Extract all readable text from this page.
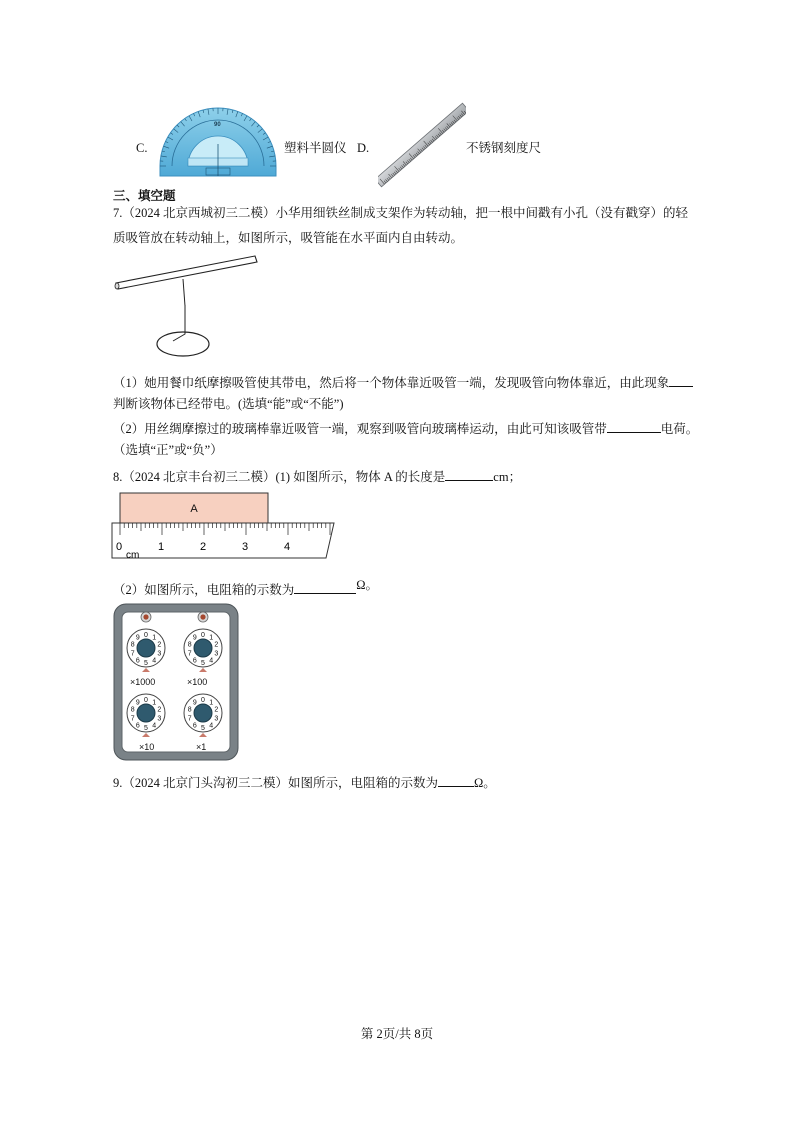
C.
90
塑料半圆仪 D.	不锈钢刻度尺
三、填空题
7.（2024 北京西城初三二模）小华用细铁丝制成支架作为转动轴，把一根中间戳有小孔（没有戳穿）的轻
质吸管放在转动轴上，如图所示，吸管能在水平面内自由转动。
（1）她用餐巾纸摩擦吸管使其带电，然后将一个物体靠近吸管一端，发现吸管向物体靠近，由此现象
判断该物体已经带电。(选填“能”或“不能”)
（2）用丝绸摩擦过的玻璃棒靠近吸管一端，观察到吸管向玻璃棒运动，由此可知该吸管带	电荷。
（选填“正”或“负”）
8.（2024 北京丰台初三二模）(1) 如图所示，物体 A 的长度是	cm；
A
0	1	2	3	4
cm
（2）如图所示，电阻箱的示数为	Ω。
0 1
2
3
4
5
6
7
8
9	0 1
2
3
4
5
6
7
8
9
0 1
2
3
4
5
6
7
8
9	0 1
2
3
4
5
6
7
8
9
×1000	×100
×10	×1
9.（2024 北京门头沟初三二模）如图所示，电阻箱的示数为	Ω。
第 2页/共 8页
